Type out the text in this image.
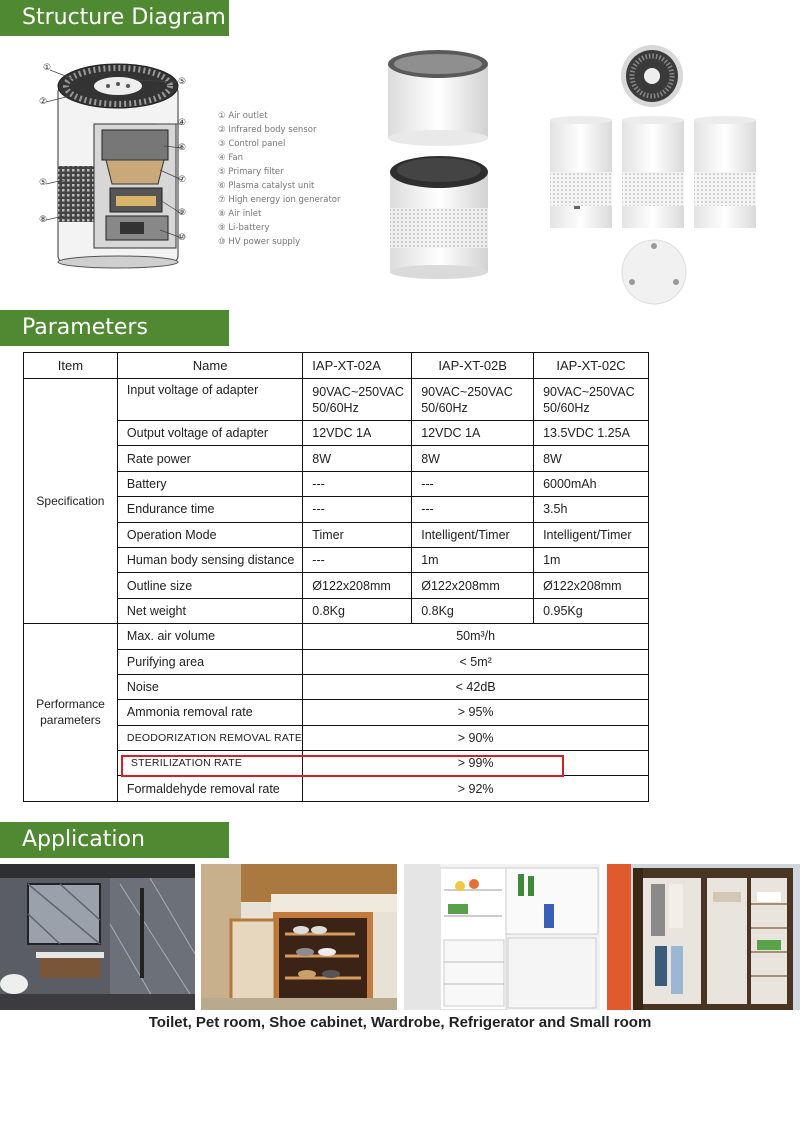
Structure Diagram
Parameters
Application
①
②
⑤
④
⑥
⑤	⑦
⑧
⑨
⑩
① Air outlet
② Infrared body sensor
③ Control panel
④ Fan
⑤ Primary filter
⑥ Plasma catalyst unit
⑦ High energy ion generator
⑧ Air inlet
⑨ Li-battery
⑩ HV power supply
Item	Name	IAP-XT-02A	IAP-XT-02B	IAP-XT-02C
Specification	Input voltage of adapter	90VAC~250VAC 50/60Hz	90VAC~250VAC 50/60Hz	90VAC~250VAC 50/60Hz
	Output voltage of adapter	12VDC 1A	12VDC 1A	13.5VDC 1.25A
	Rate power	8W	8W	8W
	Battery	---	---	6000mAh
	Endurance time	---	---	3.5h
	Operation Mode	Timer	Intelligent/Timer	Intelligent/Timer
	Human body sensing distance	---	1m	1m
	Outline size	Ø122x208mm	Ø122x208mm	Ø122x208mm
	Net weight	0.8Kg	0.8Kg	0.95Kg
Performance parameters	Max. air volume	50m³/h		
	Purifying area	< 5m²		
	Noise	< 42dB		
	Ammonia removal rate	> 95%		
	DEODORIZATION REMOVAL RATE	> 90%		
	STERILIZATION RATE	> 99%		
	Formaldehyde removal rate	> 92%		
Toilet, Pet room, Shoe cabinet, Wardrobe, Refrigerator and Small room
